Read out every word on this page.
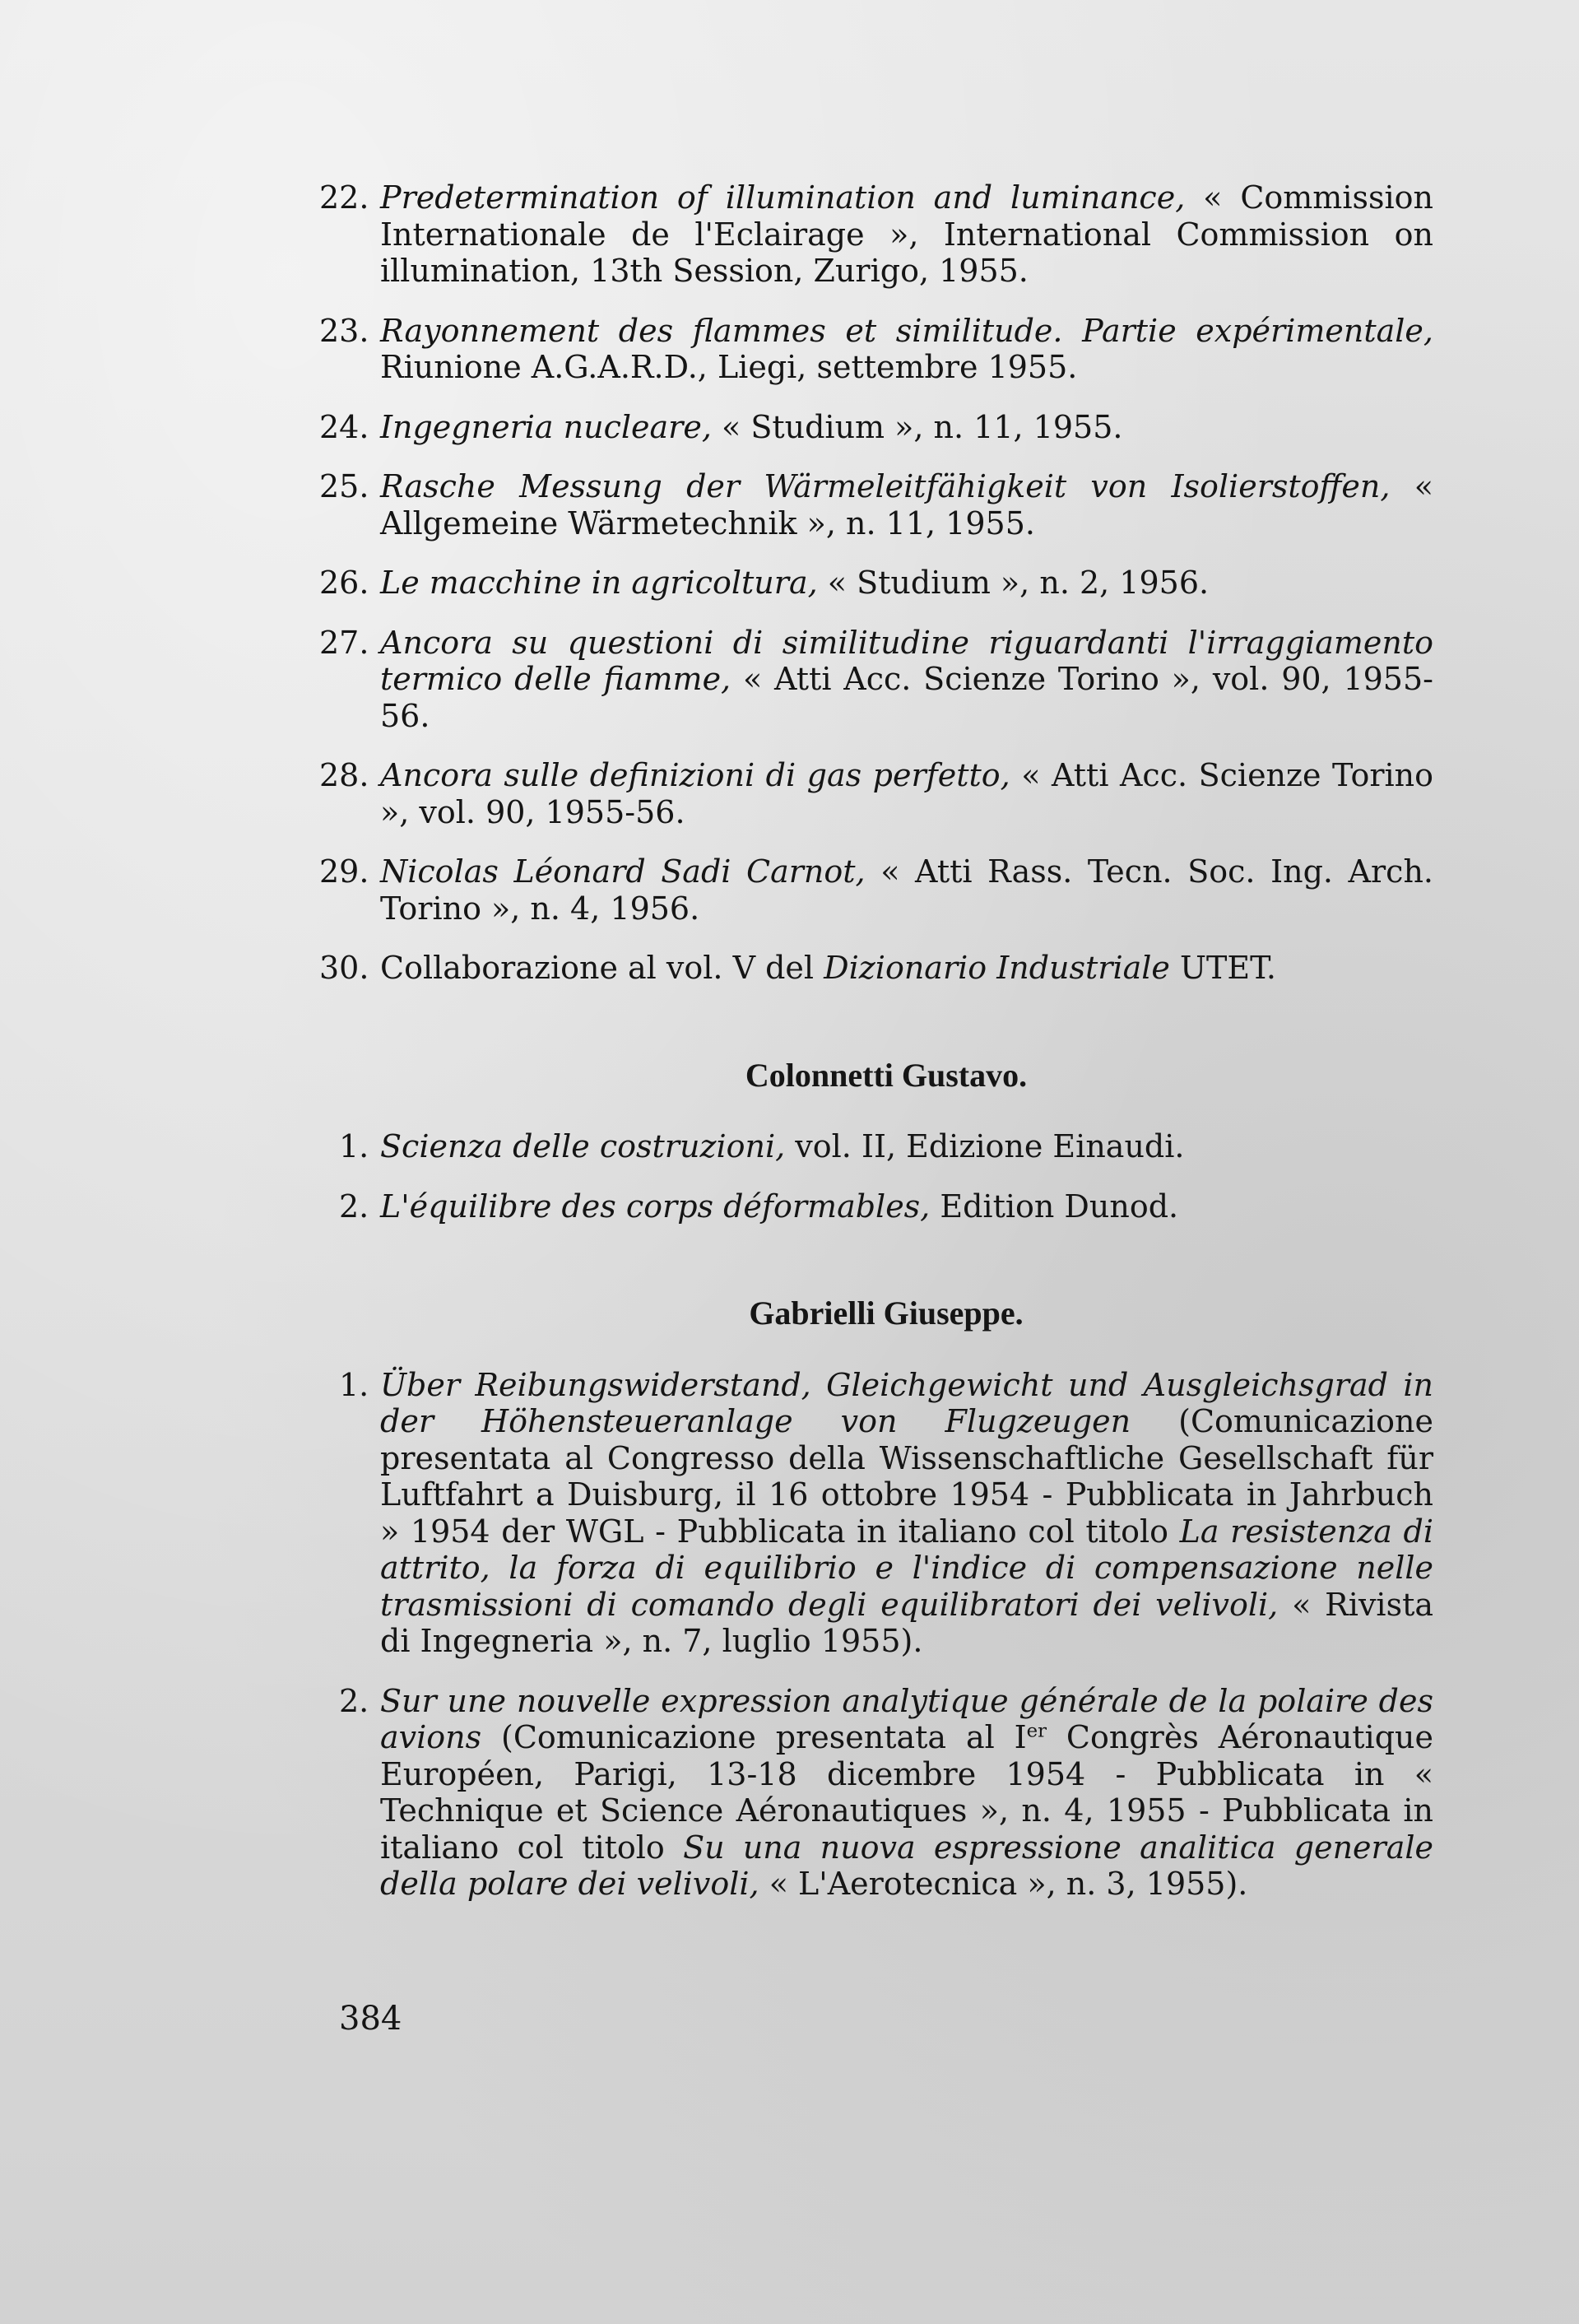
22. Predetermination of illumination and luminance, « Commission Internationale de l'Eclairage », International Commission on illumination, 13th Session, Zurigo, 1955.
23. Rayonnement des flammes et similitude. Partie expérimentale, Riunione A.G.A.R.D., Liegi, settembre 1955.
24. Ingegneria nucleare, « Studium », n. 11, 1955.
25. Rasche Messung der Wärmeleitfähigkeit von Isolierstoffen, « Allgemeine Wärmetechnik », n. 11, 1955.
26. Le macchine in agricoltura, « Studium », n. 2, 1956.
27. Ancora su questioni di similitudine riguardanti l'irraggiamento termico delle fiamme, « Atti Acc. Scienze Torino », vol. 90, 1955-56.
28. Ancora sulle definizioni di gas perfetto, « Atti Acc. Scienze Torino », vol. 90, 1955-56.
29. Nicolas Léonard Sadi Carnot, « Atti Rass. Tecn. Soc. Ing. Arch. Torino », n. 4, 1956.
30. Collaborazione al vol. V del Dizionario Industriale UTET.
Colonnetti Gustavo.
1. Scienza delle costruzioni, vol. II, Edizione Einaudi.
2. L'équilibre des corps déformables, Edition Dunod.
Gabrielli Giuseppe.
1. Über Reibungswiderstand, Gleichgewicht und Ausgleichsgrad in der Höhensteueranlage von Flugzeugen (Comunicazione presentata al Congresso della Wissenschaftliche Gesellschaft für Luftfahrt a Duisburg, il 16 ottobre 1954 - Pubblicata in Jahrbuch » 1954 der WGL - Pubblicata in italiano col titolo La resistenza di attrito, la forza di equilibrio e l'indice di compensazione nelle trasmissioni di comando degli equilibratori dei velivoli, « Rivista di Ingegneria », n. 7, luglio 1955).
2. Sur une nouvelle expression analytique générale de la polaire des avions (Comunicazione presentata al Ier Congrès Aéronautique Européen, Parigi, 13-18 dicembre 1954 - Pubblicata in « Technique et Science Aéronautiques », n. 4, 1955 - Pubblicata in italiano col titolo Su una nuova espressione analitica generale della polare dei velivoli, « L'Aerotecnica », n. 3, 1955).
384
